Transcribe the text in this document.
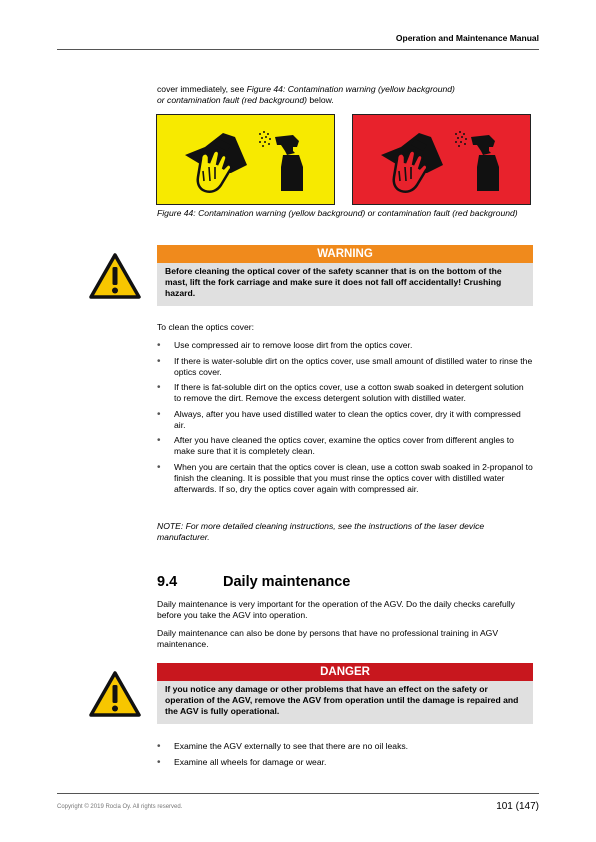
Operation and Maintenance Manual
cover immediately, see Figure 44: Contamination warning (yellow background)
or contamination fault (red background) below.
Figure 44: Contamination warning (yellow background) or contamination fault (red background)
WARNING
Before cleaning the optical cover of the safety scanner that is on the bottom of the mast, lift the fork carriage and make sure it does not fall off accidentally! Crushing hazard.
To clean the optics cover:
• Use compressed air to remove loose dirt from the optics cover.
• If there is water-soluble dirt on the optics cover, use small amount of distilled water to rinse the optics cover.
• If there is fat-soluble dirt on the optics cover, use a cotton swab soaked in detergent solution to remove the dirt. Remove the excess detergent solution with distilled water.
• Always, after you have used distilled water to clean the optics cover, dry it with compressed air.
• After you have cleaned the optics cover, examine the optics cover from different angles to make sure that it is completely clean.
• When you are certain that the optics cover is clean, use a cotton swab soaked in 2-propanol to finish the cleaning. It is possible that you must rinse the optics cover with distilled water afterwards. If so, dry the optics cover again with compressed air.
NOTE: For more detailed cleaning instructions, see the instructions of the laser device manufacturer.
9.4	Daily maintenance
Daily maintenance is very important for the operation of the AGV. Do the daily checks carefully before you take the AGV into operation.
Daily maintenance can also be done by persons that have no professional training in AGV maintenance.
DANGER
If you notice any damage or other problems that have an effect on the safety or operation of the AGV, remove the AGV from operation until the damage is repaired and the AGV is fully operational.
• Examine the AGV externally to see that there are no oil leaks.
• Examine all wheels for damage or wear.
Copyright © 2019 Rocla Oy. All rights reserved.	101 (147)
